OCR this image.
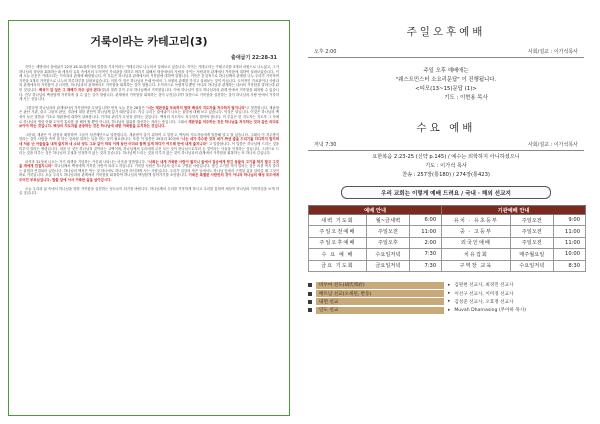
거룩이라는 카테고리(3)
출애굽기 22:28-31
죽이는 계명에서 출애굽기 22장 16-31절까지의 말씀을 기록이라는 카테고리로 나누어서 살펴보고 있습니다. 죽이는 카테고리는 카테고리를 3개의 차원으로 나누었고, 그가 하나님의 형상을 회복하는데 세상의 유혹 속에서의 도덕적인 가치관을 말하고 버리기 위해서 세상에서의 사람을 죽이는 사람과의 관계에서 거룩함에 대하여 살펴보았습니다. 이제 오늘 본문은 카테고리는 거룩과의 관계에 해당합니다. 이 부분은 하나님과 관계에서의 거룩함에 대하여 말합니다. 거룩은 본질적으로 하나님께서 관계를 나누 우리가 거룩하여 거룩을 3개의 거룩함으로 나누어 하루하루를 살펴보았습니다. 이를 이 점은 하나님의 은혜 안에서 그 차원의 관계를 가지고 살펴보는 것이 아닙니다. 도덕적인 가치관이나 사람과의 관계에서의 거룩함이 무너지면, 하나님과의 관계에서도 거룩함을 회복하는 길이 열립니다. 도덕적으로 독립적일 뿐만 아니라 하나님과 관계하는 데서의 거룩함을 말하는데 관한 것입니다. 백성이 앞 일은 그 재해가 자주 심어 본다(말)과 말씀 같이 우리 하나님께서 거룩함입니다. 이에 하나님이 결국 하나님과의 관계 안에서 거룩함을 회복할 수 있습니다. 전부 하나님의 백성답게 거룩하게 살 수 있는 길이 열립니다. 관계에서 거룩함을 회복하는 것이 무엇입니까? 말씀으로 거룩함을 실천하는 것이 하나님의 사랑 안에서 거룩하게 사는 것입니다.
그렇다면 하나님과의 관계에서의 거룩함이란 무엇입니까? 먼저 오늘 본문 28절은 "너는 재판장을 모독하지 말며 백성의 지도자를 저주하지 말지니라"고 말씀합니다. 재판장은 판단 기관, 출고 그룹의 판단, 경과에 대한 판단이 하나님께 있기 때문입니다. 지금 우리는 출애굽기 나오는 율법에 대해 보고 있습니다. 이것은 말입니다. 이것은 하나님의 백성이 들은 말씀을 기초로 재판장에 대하여 살펴봅니다. 거기의 관리가 무엇을 말하는 것입니다. 백성의 지도자도 저주하지 말아야 합니다. 이 부분은 한 지도자는 지도자 그 자체로 하나님의 명령 아래 도덕적 통치를 잘 해야 할 뿐만 아니라, 하나님의 권위를 대신하는 자라는 뜻입니다. 그래서 재판장을 저주하는 것은 하나님을 저주하는 것과 같은 의미로 보아야 하는 것입니다. 백성의 지도자를 존중하는 것은 하나님에 대한 거룩함을 유지하는 것입니다.
그런데, 재판은 이 관점을 확장하여 그들이 성전제단으로 말씀합니다. 재판장이 출기 위하여 고 말씀고, 백성의 지도자들에게 말씀해 말고 잘 있습니다. 그래서 이 저주받지 말라는 것이 사람을 속여 잘 하는 것처럼 말하는 일을 하는 것이 필요합니다. 또한 이 말씀은 29절과 30절에 "너는 네가 추수한 것과 네가 짜낸 즙을 드리기를 더디하지 말지며 네 처음 난 아들들을 내게 줄지며 네 소와 양도 그와 같이 하되 이레 동안 어미와 함께 있게 하다가 여드레 만에 내게 줄지니라" 고 말씀합니다. 이 말씀은 하나님께 드리는 것을 미루지 말라는 명령입니다. 처음 난 것은 하나님의 것이라는 고백이며, 하나님께서 우리에게 주신 모든 것이 하나님으로부터 온 것이라는 사실을 인정하는 것입니다. 그러므로 드리는 것을 미루는 것은 하나님의 주권을 인정하지 않는 것과 같습니다. 하나님께 드리는 것을 미루지 않는 것이 하나님과의 관계에서 거룩함을 회복하는 또 하나의 길입니다.
마지막 31절에 나오는 거기 희생을 기념하는 가운데 나타나는 마음을 말씀합니다. "너희는 내게 거룩한 사람이 될지니 들에서 짐승에게 찢긴 동물의 고기를 먹지 말고 그것을 개에게 던질지니라" 하나님께서 백성에게 거룩한 사람이 되라고 하십니다. 거룩한 사람은 하나님의 것으로 구별된 사람입니다. 찢긴 고기를 먹지 말라는 것은 피를 먹지 말라는 율법과 연결되어 있습니다. 하나님의 백성은 먹는 것 하나에도 하나님을 의식하며 사는 사람입니다. 우리가 일상의 작은 일에서도 하나님 앞에서 구별된 삶을 살아갈 때 그것이 바로 거룩입니다. 오늘 우리도 하나님과의 관계에서 거룩함을 회복하여 하나님의 백성답게 살아가기를 소망합니다. 거룩은 특별한 사람만의 것이 아니라 하나님의 백성 모두에게 주어진 부르심입니다. 말씀 앞에 서서 거룩한 삶을 살아갑시다.
오늘 우리의 삶 속에서 하나님을 향한 거룩함을 실천하는 성도들이 되기를 바랍니다. 하나님께서 우리를 거룩하게 하시고 우리를 통하여 세상이 하나님의 거룩하심을 보게 하실 것입니다.
주일오후예배
오후 2:00	사회/설교 : 이가석목사
주일 오후 예배에는
"웨스트민스터 소요리문답" 이 진행됩니다.
<티모(13~15)문답 (1)>
기도 : 이현용 목사
수요 예배
저녁 7:30	사회/설교 : 이가석목사
요한복음 2:23-25 (신약 p.145) / 예수는 외학하지 아니하셨으니
기도 : 이가석 목사
찬송 : 257장(통180) / 274장(통423)
우리 교회는 이렇게 예배 드려요 / 국내 · 해외 선교지
예배 안내			기관예배 안내		
새벽 기도회	월~금새벽	6:00	유치 · 유초등부	주일오전	9:00
주일오전예배	주일오전	11:00	중 · 고등부	주일오전	11:00
주일오후예배	주일오후	2:00	외국인예배	주일오전	11:00
수 요 예 배	수요일저녁	7:30	치유집회	매주월요일	10:00
금요 기도회	금요일저녁	7:30	구역장 교육	수요일저녁	8:30
비두마 선도(胡氏邦府)	▸ 김원현 선교사, 최경민 선교사
배트남 선교(오세된, 반동)	▸ 이선구 선교사, 이미경 선교사
내면 선교	▸ 김성준 선교사, 오효정 선교사
인도 선교	▸ Muvah Dharnasing (무아하 목사)
